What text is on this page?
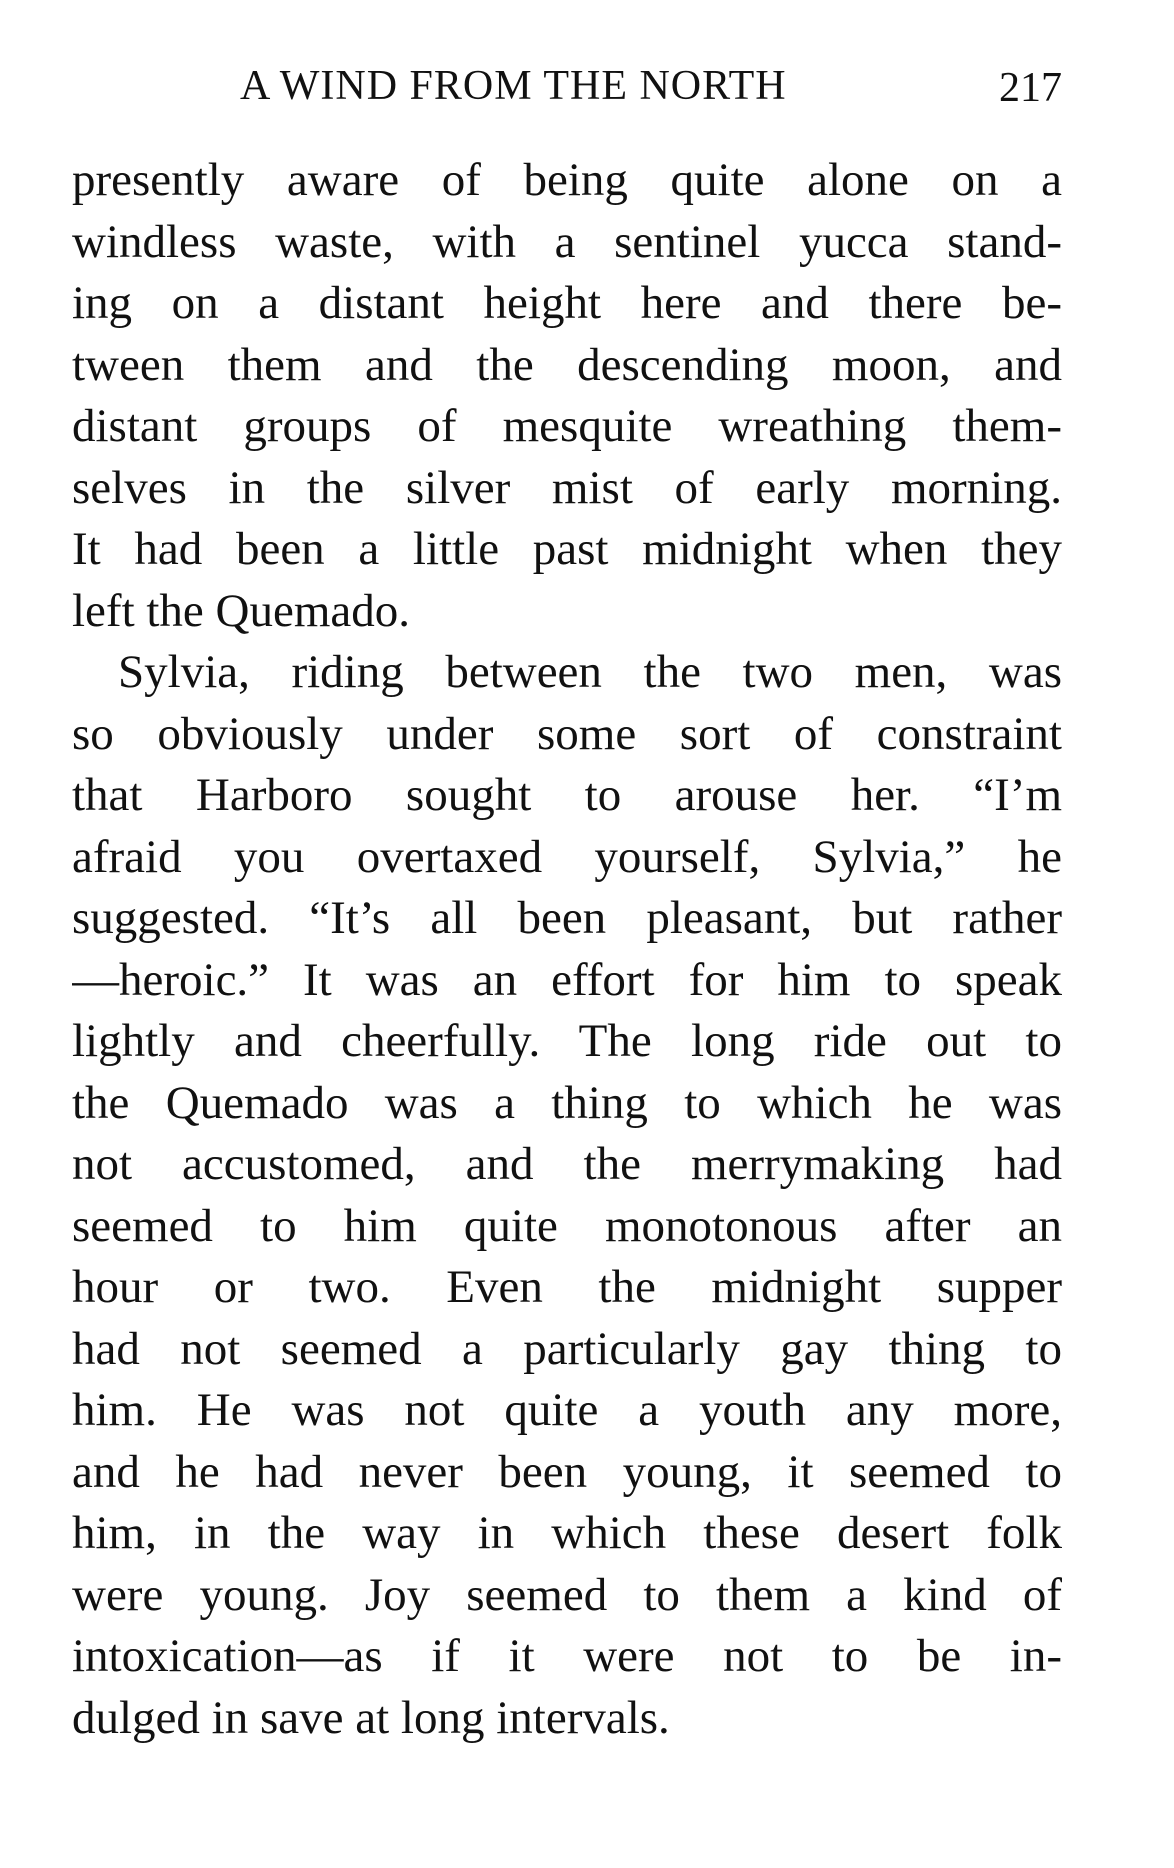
A WIND FROM THE NORTH	217
presently aware of being quite alone on a
windless waste, with a sentinel yucca stand-
ing on a distant height here and there be-
tween them and the descending moon, and
distant groups of mesquite wreathing them-
selves in the silver mist of early morning.
It had been a little past midnight when they
left the Quemado.
Sylvia, riding between the two men, was
so obviously under some sort of constraint
that Harboro sought to arouse her. “I’m
afraid you overtaxed yourself, Sylvia,” he
suggested. “It’s all been pleasant, but rather
—heroic.” It was an effort for him to speak
lightly and cheerfully. The long ride out to
the Quemado was a thing to which he was
not accustomed, and the merrymaking had
seemed to him quite monotonous after an
hour or two. Even the midnight supper
had not seemed a particularly gay thing to
him. He was not quite a youth any more,
and he had never been young, it seemed to
him, in the way in which these desert folk
were young. Joy seemed to them a kind of
intoxication—as if it were not to be in-
dulged in save at long intervals.
